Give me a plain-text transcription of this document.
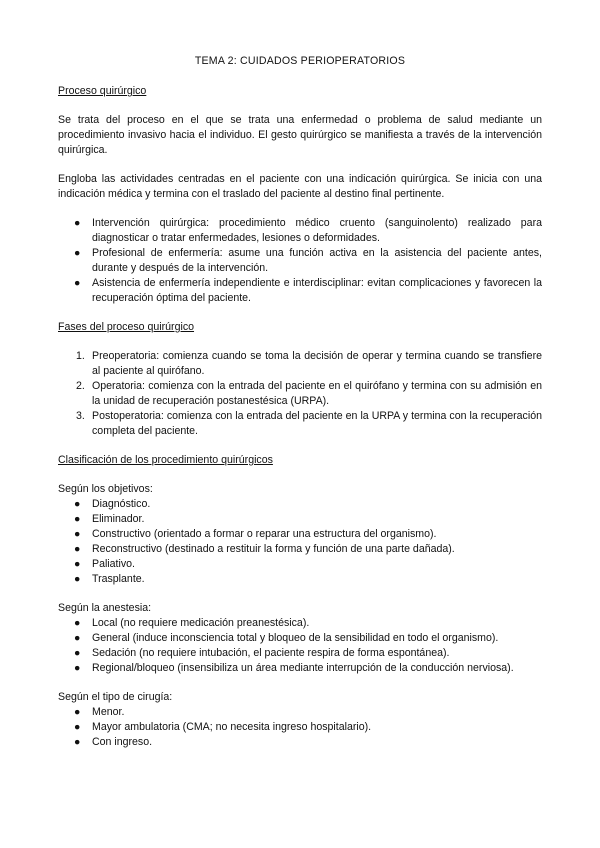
TEMA 2: CUIDADOS PERIOPERATORIOS

Proceso quirúrgico

Se trata del proceso en el que se trata una enfermedad o problema de salud mediante un procedimiento invasivo hacia el individuo. El gesto quirúrgico se manifiesta a través de la intervención quirúrgica.

Engloba las actividades centradas en el paciente con una indicación quirúrgica. Se inicia con una indicación médica y termina con el traslado del paciente al destino final pertinente.

● Intervención quirúrgica: procedimiento médico cruento (sanguinolento) realizado para diagnosticar o tratar enfermedades, lesiones o deformidades.
● Profesional de enfermería: asume una función activa en la asistencia del paciente antes, durante y después de la intervención.
● Asistencia de enfermería independiente e interdisciplinar: evitan complicaciones y favorecen la recuperación óptima del paciente.

Fases del proceso quirúrgico

1. Preoperatoria: comienza cuando se toma la decisión de operar y termina cuando se transfiere al paciente al quirófano.
2. Operatoria: comienza con la entrada del paciente en el quirófano y termina con su admisión en la unidad de recuperación postanestésica (URPA).
3. Postoperatoria: comienza con la entrada del paciente en la URPA y termina con la recuperación completa del paciente.

Clasificación de los procedimiento quirúrgicos

Según los objetivos:

● Diagnóstico.
● Eliminador.
● Constructivo (orientado a formar o reparar una estructura del organismo).
● Reconstructivo (destinado a restituir la forma y función de una parte dañada).
● Paliativo.
● Trasplante.

Según la anestesia:

● Local (no requiere medicación preanestésica).
● General (induce inconsciencia total y bloqueo de la sensibilidad en todo el organismo).
● Sedación (no requiere intubación, el paciente respira de forma espontánea).
● Regional/bloqueo (insensibiliza un área mediante interrupción de la conducción nerviosa).

Según el tipo de cirugía:

● Menor.
● Mayor ambulatoria (CMA; no necesita ingreso hospitalario).
● Con ingreso.
